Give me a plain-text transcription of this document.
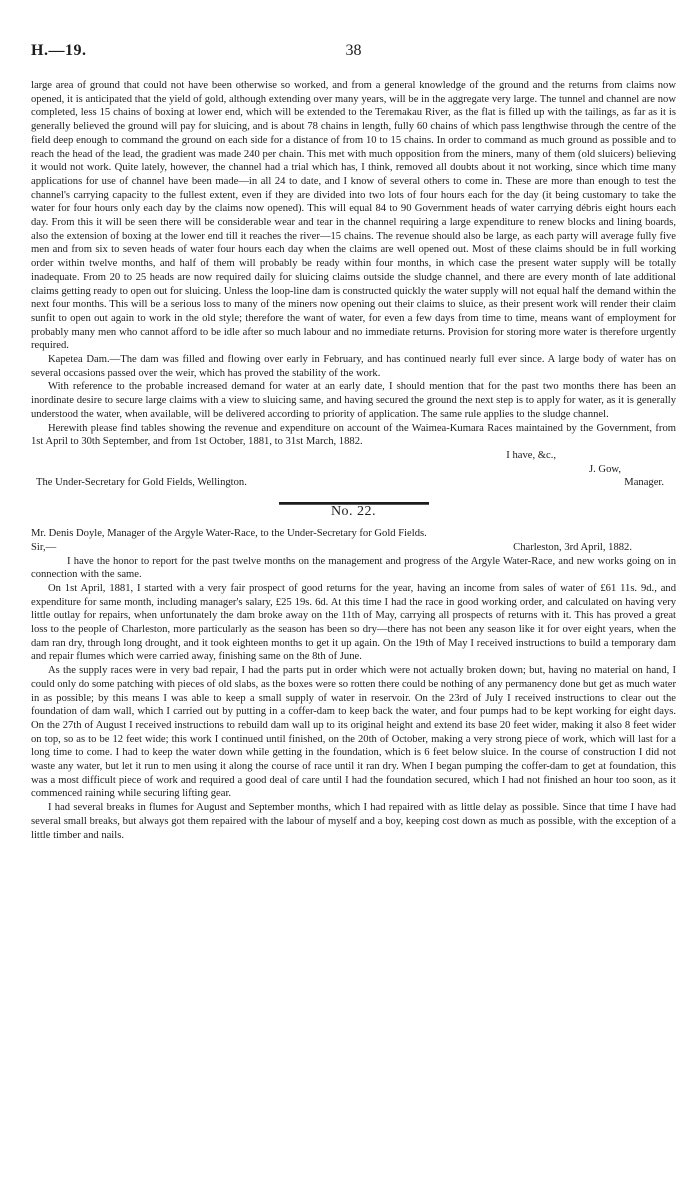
H.—19.	38

large area of ground that could not have been otherwise so worked, and from a general knowledge of the ground and the returns from claims now opened, it is anticipated that the yield of gold, although extending over many years, will be in the aggregate very large. The tunnel and channel are now completed, less 15 chains of boxing at lower end, which will be extended to the Teremakau River, as the flat is filled up with the tailings, as far as it is generally believed the ground will pay for sluicing, and is about 78 chains in length, fully 60 chains of which pass lengthwise through the centre of the field deep enough to command the ground on each side for a distance of from 10 to 15 chains. In order to command as much ground as possible and to reach the head of the lead, the gradient was made 240 per chain. This met with much opposition from the miners, many of them (old sluicers) believing it would not work. Quite lately, however, the channel had a trial which has, I think, removed all doubts about it not working, since which time many applications for use of channel have been made—in all 24 to date, and I know of several others to come in. These are more than enough to test the channel's carrying capacity to the fullest extent, even if they are divided into two lots of four hours each for the day (it being customary to take the water for four hours only each day by the claims now opened). This will equal 84 to 90 Government heads of water carrying débris eight hours each day. From this it will be seen there will be considerable wear and tear in the channel requiring a large expenditure to renew blocks and lining boards, also the extension of boxing at the lower end till it reaches the river—15 chains. The revenue should also be large, as each party will average fully five men and from six to seven heads of water four hours each day when the claims are well opened out. Most of these claims should be in full working order within twelve months, and half of them will probably be ready within four months, in which case the present water supply will be totally inadequate. From 20 to 25 heads are now required daily for sluicing claims outside the sludge channel, and there are every month of late additional claims getting ready to open out for sluicing. Unless the loop-line dam is constructed quickly the water supply will not equal half the demand within the next four months. This will be a serious loss to many of the miners now opening out their claims to sluice, as their present work will render their claim sunfit to open out again to work in the old style; therefore the want of water, for even a few days from time to time, means want of employment for probably many men who cannot afford to be idle after so much labour and no immediate returns. Provision for storing more water is therefore urgently required.

Kapetea Dam.—The dam was filled and flowing over early in February, and has continued nearly full ever since. A large body of water has on several occasions passed over the weir, which has proved the stability of the work.

With reference to the probable increased demand for water at an early date, I should mention that for the past two months there has been an inordinate desire to secure large claims with a view to sluicing same, and having secured the ground the next step is to apply for water, as it is generally understood the water, when available, will be delivered according to priority of application. The same rule applies to the sludge channel.

Herewith please find tables showing the revenue and expenditure on account of the Waimea-Kumara Races maintained by the Government, from 1st April to 30th September, and from 1st October, 1881, to 31st March, 1882.

I have, &c.,
J. Gow,
The Under-Secretary for Gold Fields, Wellington.	Manager.
No. 22.

Mr. Denis Doyle, Manager of the Argyle Water-Race, to the Under-Secretary for Gold Fields.

Sir,—	Charleston, 3rd April, 1882.

I have the honor to report for the past twelve months on the management and progress of the Argyle Water-Race, and new works going on in connection with the same.

On 1st April, 1881, I started with a very fair prospect of good returns for the year, having an income from sales of water of £61 11s. 9d., and expenditure for same month, including manager's salary, £25 19s. 6d. At this time I had the race in good working order, and calculated on having very little outlay for repairs, when unfortunately the dam broke away on the 11th of May, carrying all prospects of returns with it. This has proved a great loss to the people of Charleston, more particularly as the season has been so dry—there has not been any season like it for over eight years, when the dam ran dry, through long drought, and it took eighteen months to get it up again. On the 19th of May I received instructions to build a temporary dam and repair flumes which were carried away, finishing same on the 8th of June.

As the supply races were in very bad repair, I had the parts put in order which were not actually broken down; but, having no material on hand, I could only do some patching with pieces of old slabs, as the boxes were so rotten there could be nothing of any permanency done but get as much water in as possible; by this means I was able to keep a small supply of water in reservoir. On the 23rd of July I received instructions to clear out the foundation of dam wall, which I carried out by putting in a coffer-dam to keep back the water, and four pumps had to be kept working for eight days. On the 27th of August I received instructions to rebuild dam wall up to its original height and extend its base 20 feet wider, making it also 8 feet wider on top, so as to be 12 feet wide; this work I continued until finished, on the 20th of October, making a very strong piece of work, which will last for a long time to come. I had to keep the water down while getting in the foundation, which is 6 feet below sluice. In the course of construction I did not waste any water, but let it run to men using it along the course of race until it ran dry. When I began pumping the coffer-dam to get at foundation, this was a most difficult piece of work and required a good deal of care until I had the foundation secured, which I had not finished an hour too soon, as it commenced raining while securing lifting gear.

I had several breaks in flumes for August and September months, which I had repaired with as little delay as possible. Since that time I have had several small breaks, but always got them repaired with the labour of myself and a boy, keeping cost down as much as possible, with the exception of a little timber and nails.
